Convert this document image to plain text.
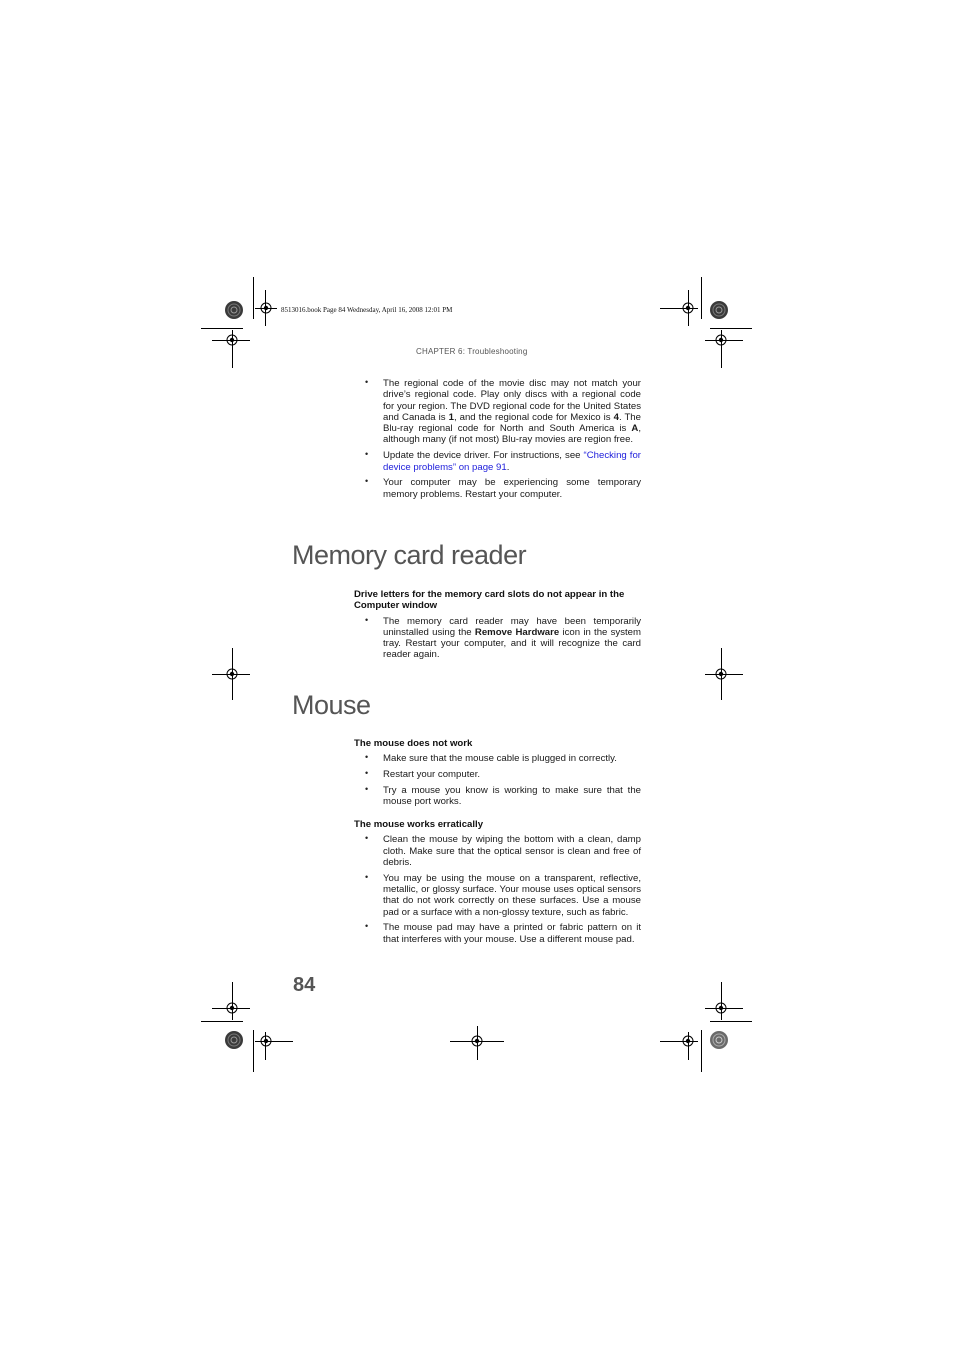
8513016.book Page 84 Wednesday, April 16, 2008 12:01 PM
CHAPTER 6: Troubleshooting
• The regional code of the movie disc may not match your drive’s regional code. Play only discs with a regional code for your region. The DVD regional code for the United States and Canada is 1, and the regional code for Mexico is 4. The Blu-ray regional code for North and South America is A, although many (if not most) Blu-ray movies are region free.
• Update the device driver. For instructions, see “Checking for device problems” on page 91.
• Your computer may be experiencing some temporary memory problems. Restart your computer.
Memory card reader
Drive letters for the memory card slots do not appear in the Computer window
• The memory card reader may have been temporarily uninstalled using the Remove Hardware icon in the system tray. Restart your computer, and it will recognize the card reader again.
Mouse
The mouse does not work
• Make sure that the mouse cable is plugged in correctly.
• Restart your computer.
• Try a mouse you know is working to make sure that the mouse port works.
The mouse works erratically
• Clean the mouse by wiping the bottom with a clean, damp cloth. Make sure that the optical sensor is clean and free of debris.
• You may be using the mouse on a transparent, reflective, metallic, or glossy surface. Your mouse uses optical sensors that do not work correctly on these surfaces. Use a mouse pad or a surface with a non-glossy texture, such as fabric.
• The mouse pad may have a printed or fabric pattern on it that interferes with your mouse. Use a different mouse pad.
84
